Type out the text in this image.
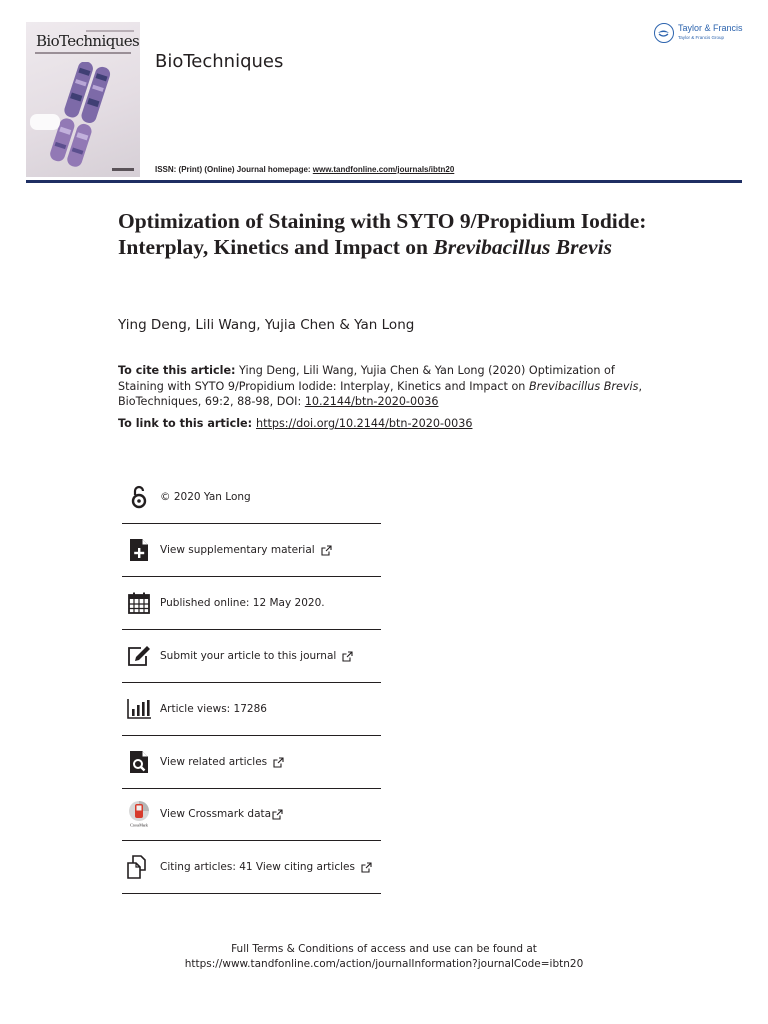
BioTechniques
BioTechniques
Taylor & Francis
Taylor & Francis Group
ISSN: (Print) (Online) Journal homepage: www.tandfonline.com/journals/ibtn20
Optimization of Staining with SYTO 9/Propidium Iodide: Interplay, Kinetics and Impact on Brevibacillus Brevis
Ying Deng, Lili Wang, Yujia Chen & Yan Long
To cite this article: Ying Deng, Lili Wang, Yujia Chen & Yan Long (2020) Optimization of Staining with SYTO 9/Propidium Iodide: Interplay, Kinetics and Impact on Brevibacillus Brevis, BioTechniques, 69:2, 88-98, DOI: 10.2144/btn-2020-0036
To link to this article: https://doi.org/10.2144/btn-2020-0036
© 2020 Yan Long
View supplementary material
Published online: 12 May 2020.
Submit your article to this journal
Article views: 17286
View related articles
CrossMark
View Crossmark data
Citing articles: 41 View citing articles
Full Terms & Conditions of access and use can be found at
https://www.tandfonline.com/action/journalInformation?journalCode=ibtn20
